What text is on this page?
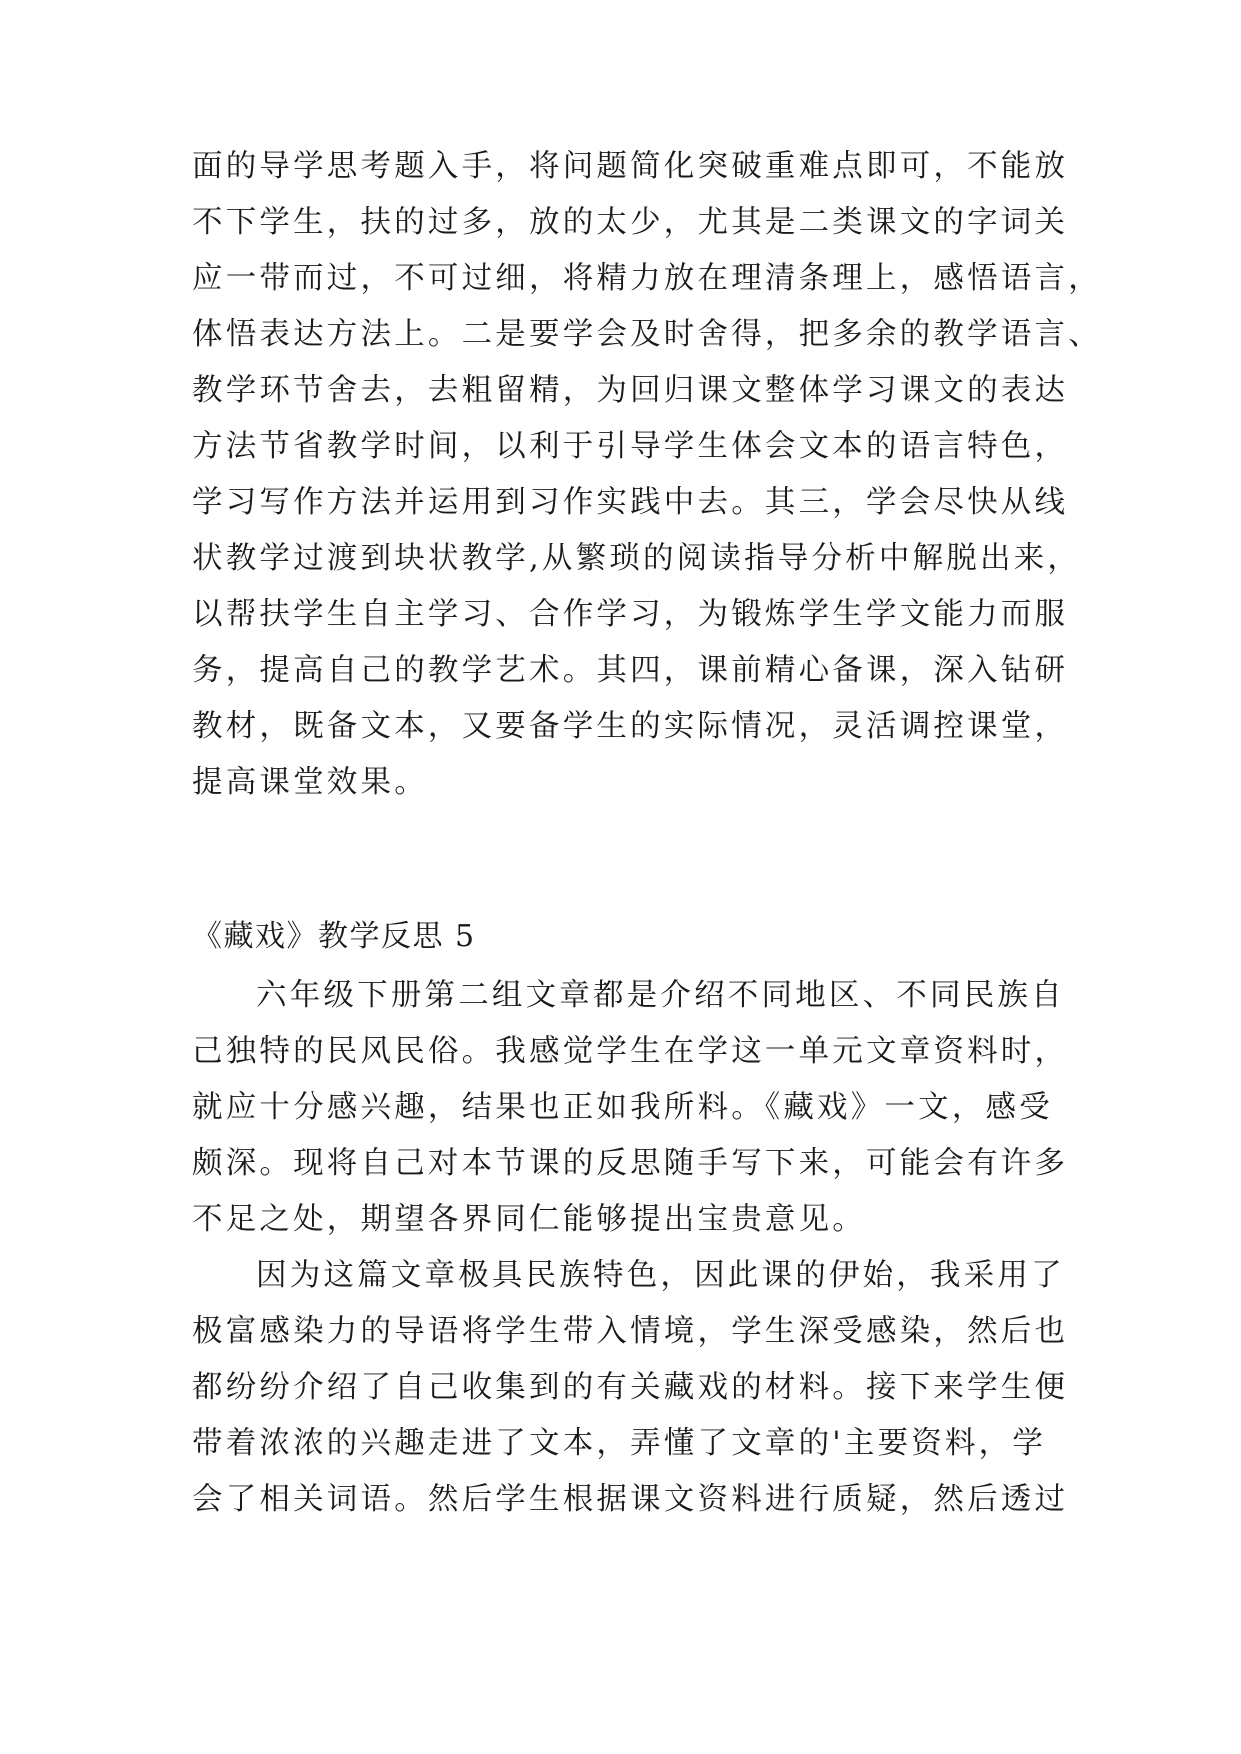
面的导学思考题入手，将问题简化突破重难点即可，不能放
不下学生，扶的过多，放的太少，尤其是二类课文的字词关
应一带而过，不可过细，将精力放在理清条理上，感悟语言，
体悟表达方法上。二是要学会及时舍得，把多余的教学语言、
教学环节舍去，去粗留精，为回归课文整体学习课文的表达
方法节省教学时间，以利于引导学生体会文本的语言特色，
学习写作方法并运用到习作实践中去。其三，学会尽快从线
状教学过渡到块状教学,从繁琐的阅读指导分析中解脱出来，
以帮扶学生自主学习、合作学习，为锻炼学生学文能力而服
务，提高自己的教学艺术。其四，课前精心备课，深入钻研
教材，既备文本，又要备学生的实际情况，灵活调控课堂，
提高课堂效果。
《藏戏》教学反思 5
六年级下册第二组文章都是介绍不同地区、不同民族自
己独特的民风民俗。我感觉学生在学这一单元文章资料时，
就应十分感兴趣，结果也正如我所料。《藏戏》一文，感受
颇深。现将自己对本节课的反思随手写下来，可能会有许多
不足之处，期望各界同仁能够提出宝贵意见。
因为这篇文章极具民族特色，因此课的伊始，我采用了
极富感染力的导语将学生带入情境，学生深受感染，然后也
都纷纷介绍了自己收集到的有关藏戏的材料。接下来学生便
带着浓浓的兴趣走进了文本，弄懂了文章的'主要资料，学
会了相关词语。然后学生根据课文资料进行质疑，然后透过
